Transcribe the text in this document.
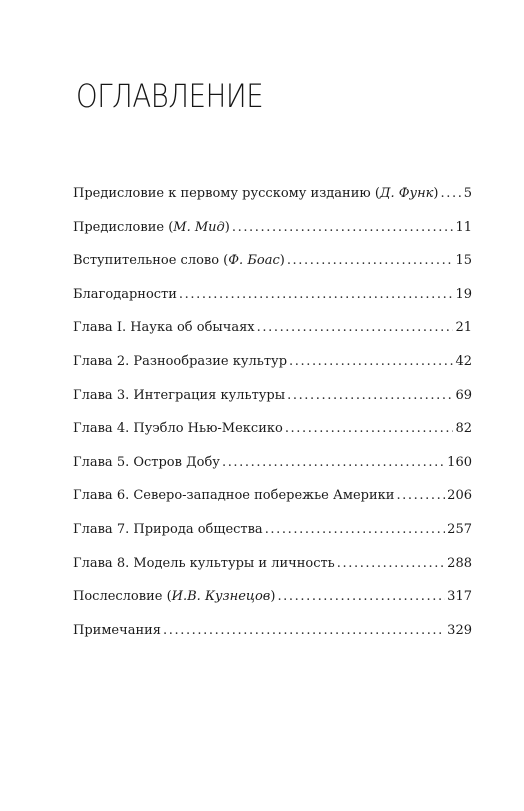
ОГЛАВЛЕНИЕ
Предисловие к первому русскому изданию (Д. Функ) ..... 5
Предисловие (М. Мид) .....	11
Вступительное слово (Ф. Боас) .....	15
Благодарности .....	19
Глава I. Наука об обычаях .....	21
Глава 2. Разнообразие культур .....	42
Глава 3. Интеграция культуры .....	69
Глава 4. Пуэбло Нью-Мексико .....	82
Глава 5. Остров Добу .....	160
Глава 6. Северо-западное побережье Америки .....	206
Глава 7. Природа общества .....	257
Глава 8. Модель культуры и личность .....	288
Послесловие (И.В. Кузнецов) .....	317
Примечания .....	329
